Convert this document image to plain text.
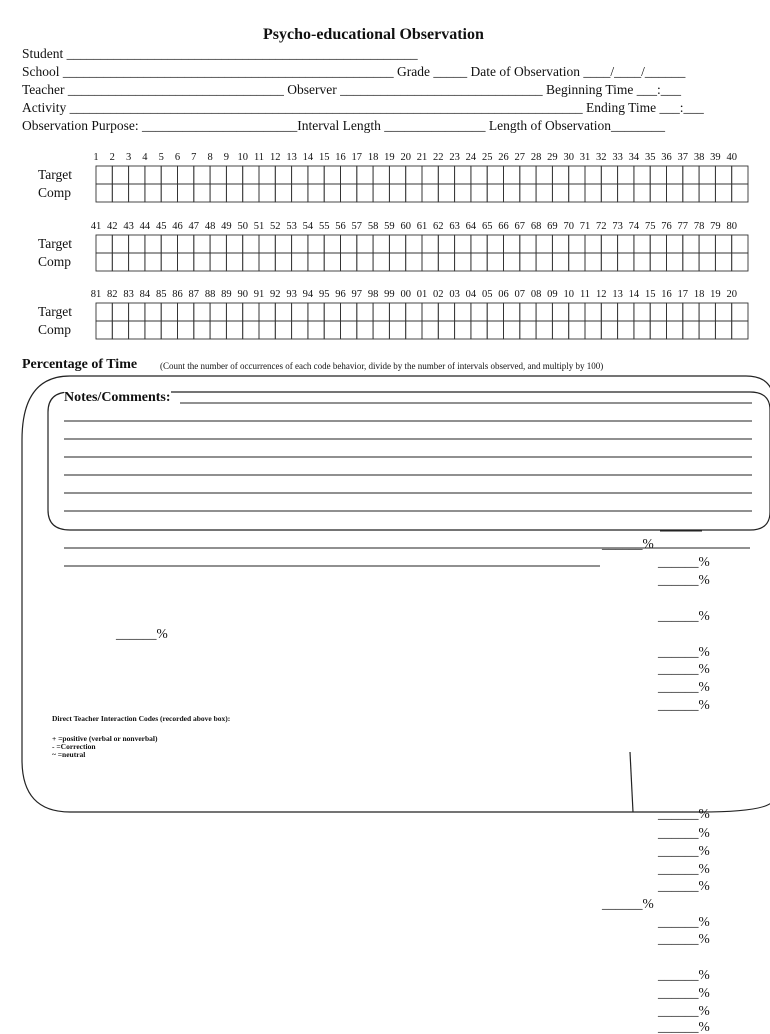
Psycho-educational Observation
Student ____________________________________________________
School _________________________________________________ Grade _____ Date of Observation ____/____/______
Teacher ________________________________ Observer ______________________________ Beginning Time ___:___
Activity ____________________________________________________________________________ Ending Time ___:___
Observation Purpose: _______________________Interval Length _______________ Length of Observation________
1	2	3	4	5	6	7	8	9 10 11 12 13 14 15 16 17 18 19 20 21 22 23 24 25 26 27 28 29 30 31 32 33 34 35 36 37 38 39 40
Target
Comp
41 42 43 44 45 46 47 48 49 50 51 52 53 54 55 56 57 58 59 60 61 62 63 64 65 66 67 68 69 70 71 72 73 74 75 76 77 78 79 80
Target
Comp
81 82 83 84 85 86 87 88 89 90 91 92 93 94 95 96 97 98 99 00 01 02 03 04 05 06 07 08 09 10 11 12 13 14 15 16 17 18 19 20
Target
Comp
Percentage of Time	(Count the number of occurrences of each code behavior, divide by the number of intervals observed, and multiply by 100)
Notes/Comments:
______%
______%
______%
______%
______%
______%
______%
______%
______%
______%
______%
______%
______%
______%
______%
______%
______%
______%
______%
______%
______%
Direct Teacher Interaction Codes (recorded above box):
+ =positive (verbal or nonverbal)
- =Correction
~ =neutral
